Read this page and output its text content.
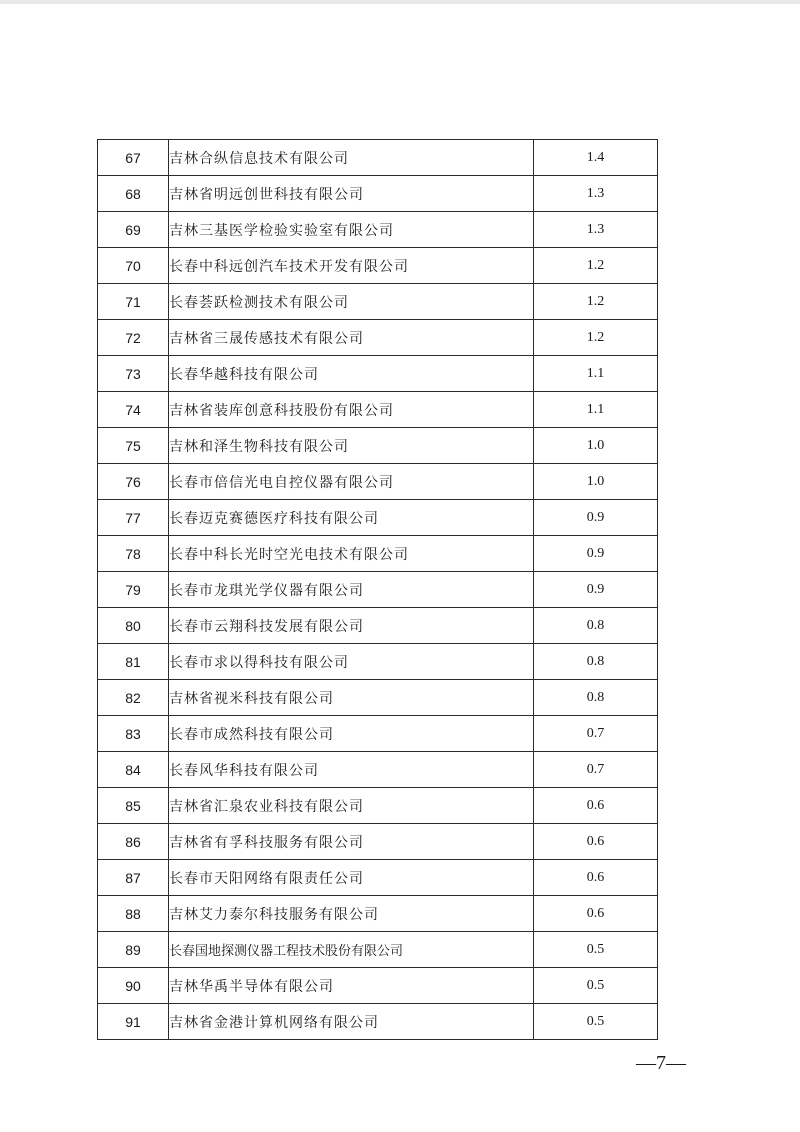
67	吉林合纵信息技术有限公司	1.4
68	吉林省明远创世科技有限公司	1.3
69	吉林三基医学检验实验室有限公司	1.3
70	长春中科远创汽车技术开发有限公司	1.2
71	长春荟跃检测技术有限公司	1.2
72	吉林省三晟传感技术有限公司	1.2
73	长春华越科技有限公司	1.1
74	吉林省装库创意科技股份有限公司	1.1
75	吉林和泽生物科技有限公司	1.0
76	长春市倍信光电自控仪器有限公司	1.0
77	长春迈克赛德医疗科技有限公司	0.9
78	长春中科长光时空光电技术有限公司	0.9
79	长春市龙琪光学仪器有限公司	0.9
80	长春市云翔科技发展有限公司	0.8
81	长春市求以得科技有限公司	0.8
82	吉林省视米科技有限公司	0.8
83	长春市成然科技有限公司	0.7
84	长春风华科技有限公司	0.7
85	吉林省汇泉农业科技有限公司	0.6
86	吉林省有孚科技服务有限公司	0.6
87	长春市天阳网络有限责任公司	0.6
88	吉林艾力泰尔科技服务有限公司	0.6
89	长春国地探测仪器工程技术股份有限公司	0.5
90	吉林华禹半导体有限公司	0.5
91	吉林省金港计算机网络有限公司	0.5
—7—
